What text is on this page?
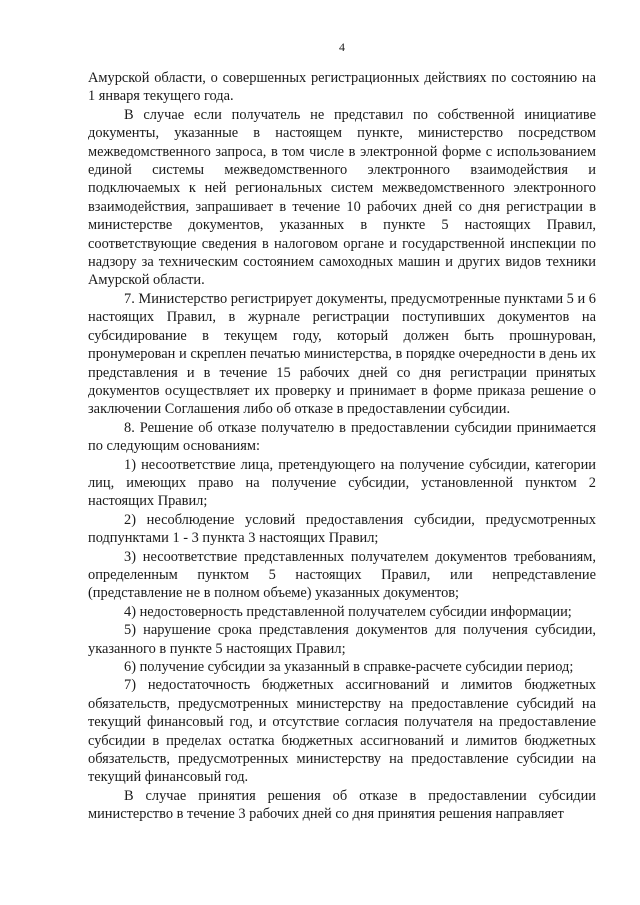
4

Амурской области, о совершенных регистрационных действиях по состоянию на 1 января текущего года.

В случае если получатель не представил по собственной инициативе документы, указанные в настоящем пункте, министерство посредством межведомственного запроса, в том числе в электронной форме с использованием единой системы межведомственного электронного взаимодействия и подключаемых к ней региональных систем межведомственного электронного взаимодействия, запрашивает в течение 10 рабочих дней со дня регистрации в министерстве документов, указанных в пункте 5 настоящих Правил, соответствующие сведения в налоговом органе и государственной инспекции по надзору за техническим состоянием самоходных машин и других видов техники Амурской области.

7. Министерство регистрирует документы, предусмотренные пунктами 5 и 6 настоящих Правил, в журнале регистрации поступивших документов на субсидирование в текущем году, который должен быть прошнурован, пронумерован и скреплен печатью министерства, в порядке очередности в день их представления и в течение 15 рабочих дней со дня регистрации принятых документов осуществляет их проверку и принимает в форме приказа решение о заключении Соглашения либо об отказе в предоставлении субсидии.

8. Решение об отказе получателю в предоставлении субсидии принимается по следующим основаниям:

1) несоответствие лица, претендующего на получение субсидии, категории лиц, имеющих право на получение субсидии, установленной пунктом 2 настоящих Правил;

2) несоблюдение условий предоставления субсидии, предусмотренных подпунктами 1 - 3 пункта 3 настоящих Правил;

3) несоответствие представленных получателем документов требованиям, определенным пунктом 5 настоящих Правил, или непредставление (представление не в полном объеме) указанных документов;

4) недостоверность представленной получателем субсидии информации;

5) нарушение срока представления документов для получения субсидии, указанного в пункте 5 настоящих Правил;

6) получение субсидии за указанный в справке-расчете субсидии период;

7) недостаточность бюджетных ассигнований и лимитов бюджетных обязательств, предусмотренных министерству на предоставление субсидий на текущий финансовый год, и отсутствие согласия получателя на предоставление субсидии в пределах остатка бюджетных ассигнований и лимитов бюджетных обязательств, предусмотренных министерству на предоставление субсидии на текущий финансовый год.

В случае принятия решения об отказе в предоставлении субсидии министерство в течение 3 рабочих дней со дня принятия решения направляет
